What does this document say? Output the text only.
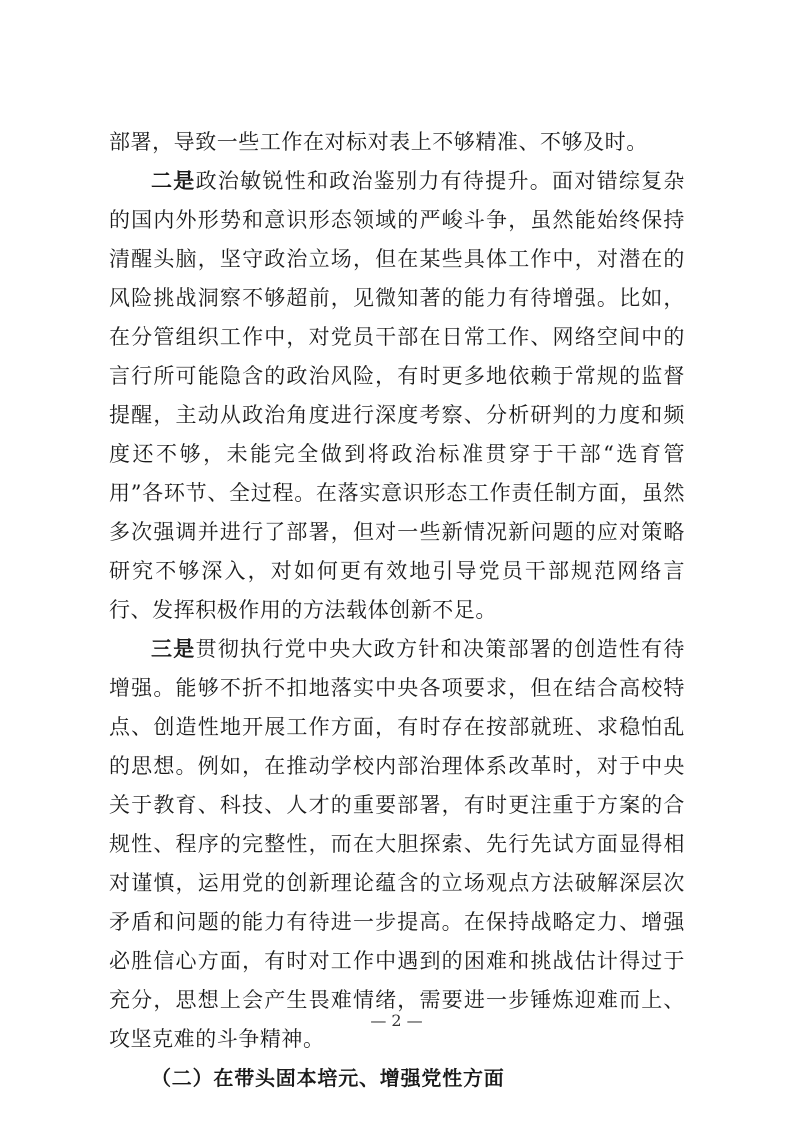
部署，导致一些工作在对标对表上不够精准、不够及时。

二是政治敏锐性和政治鉴别力有待提升。面对错综复杂的国内外形势和意识形态领域的严峻斗争，虽然能始终保持清醒头脑，坚守政治立场，但在某些具体工作中，对潜在的风险挑战洞察不够超前，见微知著的能力有待增强。比如，在分管组织工作中，对党员干部在日常工作、网络空间中的言行所可能隐含的政治风险，有时更多地依赖于常规的监督提醒，主动从政治角度进行深度考察、分析研判的力度和频度还不够，未能完全做到将政治标准贯穿于干部“选育管用”各环节、全过程。在落实意识形态工作责任制方面，虽然多次强调并进行了部署，但对一些新情况新问题的应对策略研究不够深入，对如何更有效地引导党员干部规范网络言行、发挥积极作用的方法载体创新不足。

三是贯彻执行党中央大政方针和决策部署的创造性有待增强。能够不折不扣地落实中央各项要求，但在结合高校特点、创造性地开展工作方面，有时存在按部就班、求稳怕乱的思想。例如，在推动学校内部治理体系改革时，对于中央关于教育、科技、人才的重要部署，有时更注重于方案的合规性、程序的完整性，而在大胆探索、先行先试方面显得相对谨慎，运用党的创新理论蕴含的立场观点方法破解深层次矛盾和问题的能力有待进一步提高。在保持战略定力、增强必胜信心方面，有时对工作中遇到的困难和挑战估计得过于充分，思想上会产生畏难情绪，需要进一步锤炼迎难而上、攻坚克难的斗争精神。

（二）在带头固本培元、增强党性方面

— 2 —
